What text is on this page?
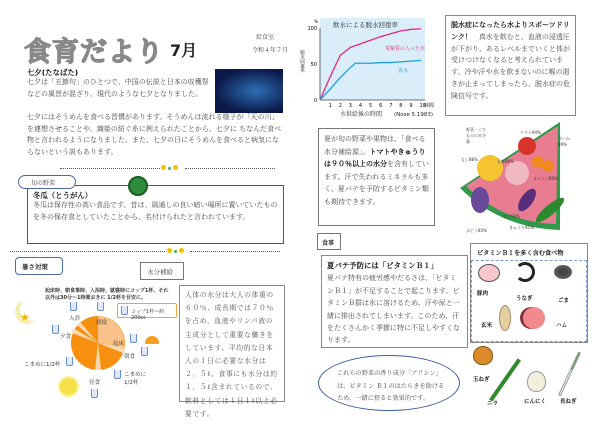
食育だより 7月
給食室
令和４年７月
七夕(たなばた)
七夕は「五節句」のひとつで、中国の伝説と日本の収穫祭などの風習が混ざり、現代のような七夕となりました。
七夕にはそうめんを食べる習慣があります。そうめんは流れる様子が「天の川」を連想させることや、織姫の紡ぐ糸に例えられたことから、七夕に ちなんだ食べ物と言われるようになりました。また、七夕の日にそうめんを食べると病気にならないという説もあります。
旬の野菜
冬瓜（とうがん）
冬瓜は保存性の高い食品です。昔は、風通しの良い暗い場所に置いていたものを冬の保存食としていたことから、名付けられたと言われています。
暑さ対策
水分補給
起床時、朝食事時、入浴時、就寝時にコップ1杯、それ以外は30分～1時間おきに 1/2杯を目安に。
コップ1杯＝約200cc
★	就寝
起床
朝食
こまめに1/2杯
昼食
こまめに1/2杯
夕食
入浴
人体の水分は大人の体重の６０％、成長期では７０％を占め、血液やリンパ液の主成分として重要な働きをしています。平均的な日本人の１日に必要な水分は２．５ℓ。食事にも水分は約１．５ℓ含まれているので、飲料としては１日１ℓ以上必要です。
1 2 3 4 5 6 7 8 9 10
0
50
100 飲水による脱水回復率
電解質の入った水
真水
%
時間
水供給後の時間 (Nose 5.1983)
脱水回復率
脱水症になったら水よりスポーツドリンク！　 真水を飲むと、血液の浸透圧が下がり、あるレベルまでいくと体が受けつけなくなると考えられています。冷や汗や水を飲まないのに喉の渇きが止まってしまったら、脱水症の危険信号です。
夏が旬の野菜や果物は、「食べる水分補給源」。トマトやきゅうりは９０％以上の水分を含有しています。汗で失われるミネラルも多く、夏バテを予防するビタミン類も期待できます。
野菜・くだものの水分量
トマト94%
すいか89%
なし88%	もも89%
オレンジ88%
なす93%
ぶどう83%
きゅうり95%
食事
夏バテ予防には「ビタミンＢ１」
夏バテ特有の疲労感やだるさは、「ビタミンＢ１」が不足することで起こります。ビタミンＢ群は水に溶けるため、汗や尿と一緒に排出されてしまいます。このため、汗をたくさんかく季節に特に不足しやすくなります。
ビタミンＢ１を多く含む食べ物
豚肉
うなぎ	ごま
玄米	ハム
これらの野菜の香り成分「アリシン」は、ビタミン Ｂ１のはたらきを助けるため、一緒に摂ると効果的です。
玉ねぎ
ニラ	にんにく	長ねぎ
